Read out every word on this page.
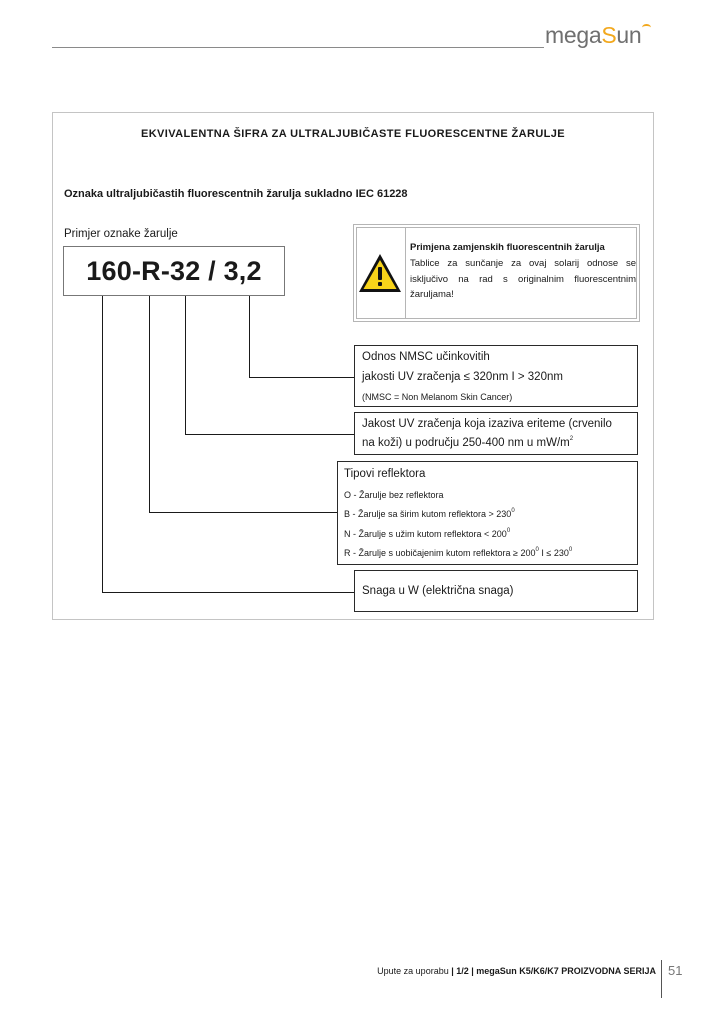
megaSun
EKVIVALENTNA ŠIFRA ZA ULTRALJUBIČASTE FLUORESCENTNE ŽARULJE
Oznaka ultraljubičastih fluorescentnih žarulja sukladno IEC 61228
Primjer oznake žarulje
160-R-32 / 3,2
Primjena zamjenskih fluorescentnih žarulja
Tablice za sunčanje za ovaj solarij odnose se isključivo na rad s originalnim fluorescentnim žaruljama!
Odnos NMSC učinkovitih
jakosti UV zračenja ≤ 320nm I > 320nm
(NMSC = Non Melanom Skin Cancer)
Jakost UV zračenja koja izaziva eriteme (crvenilo
na koži) u području 250-400 nm u $mW/m^2$
Tipovi reflektora
O - Žarulje bez reflektora
B - Žarulje sa širim kutom reflektora > $230^0$
N - Žarulje s užim kutom reflektora < $200^0$
R - Žarulje s uobičajenim kutom reflektora ≥ $200^0$ $I \le 230^0$
Snaga u W (električna snaga)
Upute za uporabu | 1/2 | megaSun K5/K6/K7 PROIZVODNA SERIJA 51
